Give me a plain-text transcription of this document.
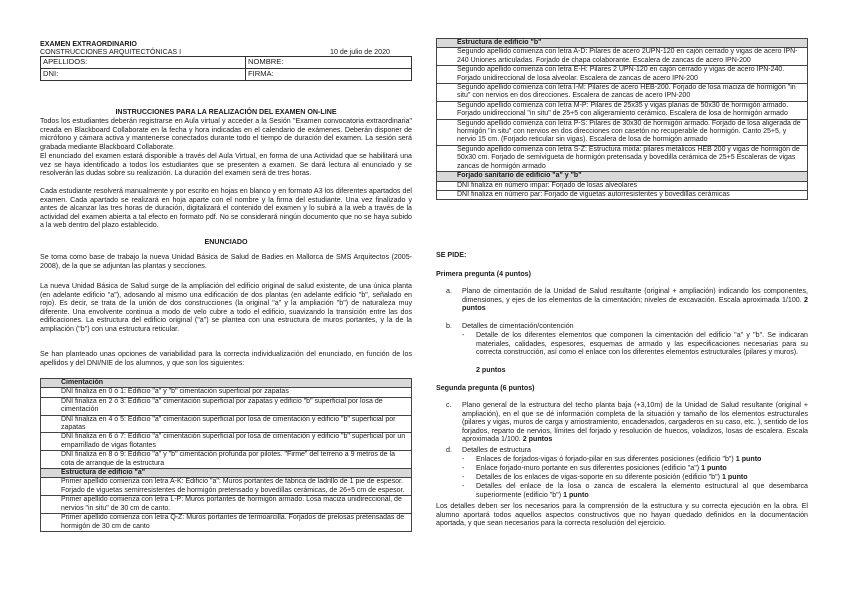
EXAMEN EXTRAORDINARIO
CONSTRUCCIONES ARQUITECTÓNICAS I	10 de julio de 2020
APELLIDOS:	NOMBRE:
DNI:	FIRMA:
INSTRUCCIONES PARA LA REALIZACIÓN DEL EXAMEN ON-LINE
Todos los estudiantes deberán registrarse en Aula virtual y acceder a la Sesión "Examen convocatoria extraordinaria" creada en Blackboard Collaborate en la fecha y hora indicadas en el calendario de exámenes. Deberán disponer de micrófono y cámara activa y mantenerse conectados durante todo el tiempo de duración del examen. La sesión será grabada mediante Blackboard Collaborate.
El enunciado del examen estará disponible a través del Aula Virtual, en forma de una Actividad que se habilitará una vez se haya identificado a todos los estudiantes que se presenten a examen. Se dará lectura al enunciado y se resolverán las dudas sobre su realización. La duración del examen será de tres horas.
Cada estudiante resolverá manualmente y por escrito en hojas en blanco y en formato A3 los diferentes apartados del examen. Cada apartado se realizará en hoja aparte con el nombre y la firma del estudiante. Una vez finalizado y antes de alcanzar las tres horas de duración, digitalizará el contenido del examen y lo subirá a la web a través de la actividad del examen abierta a tal efecto en formato pdf. No se considerará ningún documento que no se haya subido a la web dentro del plazo establecido.
ENUNCIADO
Se toma como base de trabajo la nueva Unidad Básica de Salud de Badies en Mallorca de SMS Arquitectos (2005-2008), de la que se adjuntan las plantas y secciones.
La nueva Unidad Básica de Salud surge de la ampliación del edificio original de salud existente, de una única planta (en adelante edificio "a"), adosando al mismo una edificación de dos plantas (en adelante edificio "b", señalado en rojo). Es decir, se trata de la unión de dos construcciones (la original "a" y la ampliación "b") de naturaleza muy diferente. Una envolvente continua a modo de velo cubre a todo el edificio, suavizando la transición entre las dos edificaciones. La estructura del edificio original ("a") se plantea con una estructura de muros portantes, y la de la ampliación ("b") con una estructura reticular.
Se han planteado unas opciones de variabilidad para la correcta individualización del enunciado, en función de los apellidos y del DNI/NIE de los alumnos, y que son los siguientes:
Cimentación
DNI finaliza en 0 ó 1: Edificio "a" y "b" cimentación superficial por zapatas
DNI finaliza en 2 ó 3: Edificio "a" cimentación superficial por zapatas y edificio "b" superficial por losa de cimentación
DNI finaliza en 4 ó 5: Edificio "a" cimentación superficial por losa de cimentación y edificio "b" superficial por zapatas
DNI finaliza en 6 ó 7: Edificio "a" cimentación superficial por losa de cimentación y edificio "b" superficial por un emparrillado de vigas flotantes
DNI finaliza en 8 ó 9: Edificio "a" y "b" cimentación profunda por pilotes. "Firme" del terreno a 9 metros de la cota de arranque de la estructura
Estructura de edificio "a"
Primer apellido comienza con letra A-K: Edificio "a": Muros portantes de fábrica de ladrillo de 1 pie de espesor. Forjado de viguetas semirresistentes de hormigón pretensado y bovedillas cerámicas, de 26+5 cm de espesor.
Primer apellido comienza con letra L-P: Muros portantes de hormigón armado. Losa maciza unidireccional, de nervios "in situ" de 30 cm de canto.
Primer apellido comienza con letra Q-Z: Muros portantes de termoarcilla. Forjados de prelosas pretensadas de hormigón de 30 cm de canto
Estructura de edificio "b"
Segundo apellido comienza con letra A-D: Pilares de acero 2UPN-120 en cajón cerrado y vigas de acero IPN-240 Uniones articuladas. Forjado de chapa colaborante. Escalera de zancas de acero IPN-200
Segundo apellido comienza con letra E-H: Pilares 2 UPN-120 en cajón cerrado y vigas de acero IPN-240. Forjado unidireccional de losa alveolar. Escalera de zancas de acero IPN-200
Segundo apellido comienza con letra I-M: Pilares de acero HEB-200. Forjado de losa maciza de hormigón "in situ" con nervios en dos direcciones. Escalera de zancas de acero IPN-200
Segundo apellido comienza con letra M-P: Pilares de 25x35 y vigas planas de 50x30 de hormigón armado. Forjado unidireccional "in situ" de 25+5 con aligeramiento cerámico. Escalera de losa de hormigón armado
Segundo apellido comienza con letra P-S: Pilares de 30x30 de hormigón armado. Forjado de losa aligerada de hormigón "in situ" con nervios en dos direcciones con casetón no recuperable de hormigón. Canto 25+5, y nervio 15 cm. (Forjado reticular sin vigas). Escalera de losa de hormigón armado
Segundo apellido comienza con letra S-Z: Estructura mixta: pilares metálicos HEB 200 y vigas de hormigón de 50x30 cm. Forjado de semivigueta de hormigón pretensada y bovedilla cerámica de 25+5 Escaleras de vigas zancas de hormigón armado
Forjado sanitario de edificio "a" y "b"
DNI finaliza en número impar: Forjado de losas alveolares
DNI finaliza en número par: Forjado de viguetas autorresistentes y bovedillas cerámicas
SE PIDE:
Primera pregunta (4 puntos)
a. Plano de cimentación de la Unidad de Salud resultante (original + ampliación) indicando los componentes, dimensiones, y ejes de los elementos de la cimentación; niveles de excavación. Escala aproximada 1/100. 2 puntos
b. Detalles de cimentación/contención
- Detalle de los diferentes elementos que componen la cimentación del edificio "a" y "b". Se indicaran materiales, calidades, espesores, esquemas de armado y las especificaciones necesarias para su correcta construcción, así como el enlace con los diferentes elementos estructurales (pilares y muros).
2 puntos
Segunda pregunta (6 puntos)
c. Plano general de la estructura del techo planta baja (+3,10m) de la Unidad de Salud resultante (original + ampliación), en el que se dé información completa de la situación y tamaño de los elementos estructurales (pilares y vigas, muros de carga y arriostramiento, encadenados, cargaderos en su caso, etc. ), sentido de los forjados, reparto de nervios, límites del forjado y resolución de huecos, voladizos, losas de escalera. Escala aproximada 1/100. 2 puntos
d. Detalles de estructura
- Enlaces de forjados-vigas ó forjado-pilar en sus diferentes posiciones (edificio "b") 1 punto
- Enlace forjado-muro portante en sus diferentes posiciones (edificio "a") 1 punto
- Detalles de los enlaces de vigas-soporte en su diferente posición (edificio "b") 1 punto
- Detalles del enlace de la losa o zanca de escalera la elemento estructural al que desembarca superiormente (edificio "b") 1 punto
Los detalles deben ser los necesarios para la comprensión de la estructura y su correcta ejecución en la obra. El alumno aportará todos aquellos aspectos constructivos que no hayan quedado definidos en la documentación aportada, y que sean necesarios para la correcta resolución del ejercicio.
